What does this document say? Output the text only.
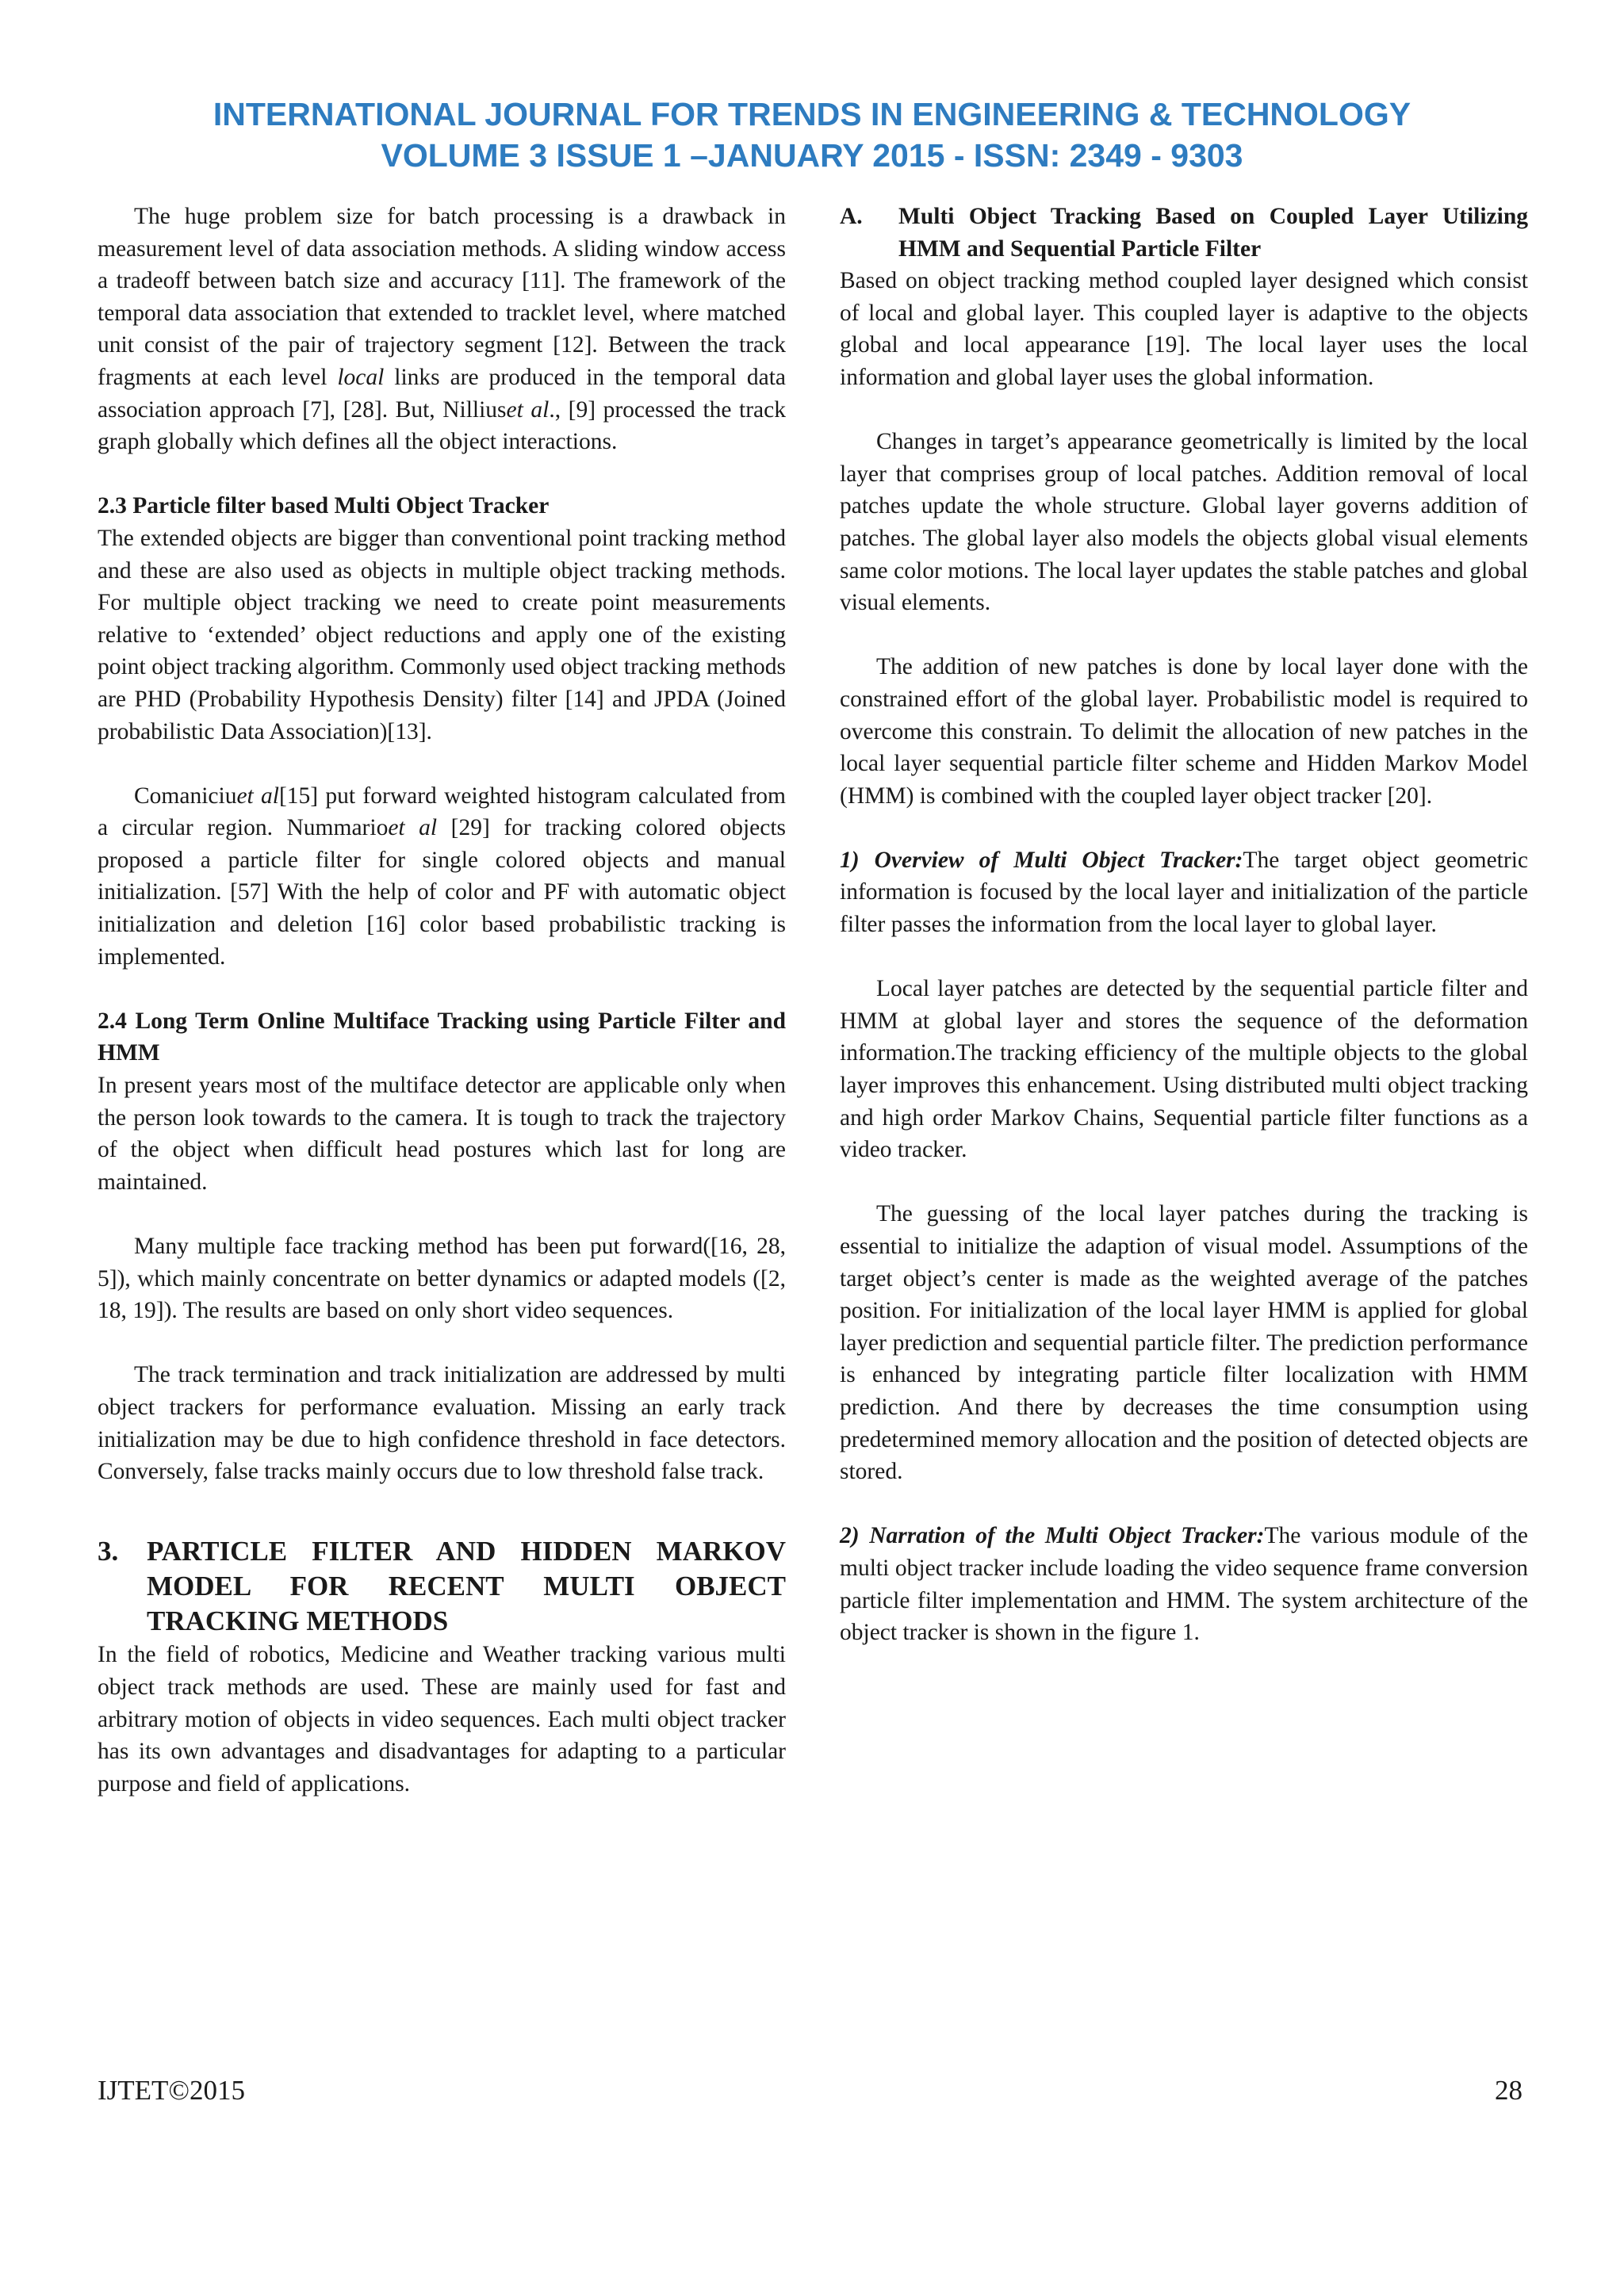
INTERNATIONAL JOURNAL FOR TRENDS IN ENGINEERING & TECHNOLOGY
VOLUME 3 ISSUE 1 –JANUARY 2015 - ISSN: 2349 - 9303

The huge problem size for batch processing is a drawback in measurement level of data association methods. A sliding window access a tradeoff between batch size and accuracy [11]. The framework of the temporal data association that extended to tracklet level, where matched unit consist of the pair of trajectory segment [12]. Between the track fragments at each level local links are produced in the temporal data association approach [7], [28]. But, Nilliuset al., [9] processed the track graph globally which defines all the object interactions.

2.3 Particle filter based Multi Object Tracker

The extended objects are bigger than conventional point tracking method and these are also used as objects in multiple object tracking methods. For multiple object tracking we need to create point measurements relative to ‘extended’ object reductions and apply one of the existing point object tracking algorithm. Commonly used object tracking methods are PHD (Probability Hypothesis Density) filter [14] and JPDA (Joined probabilistic Data Association)[13].

Comaniciuet al[15] put forward weighted histogram calculated from a circular region. Nummarioet al [29] for tracking colored objects proposed a particle filter for single colored objects and manual initialization. [57] With the help of color and PF with automatic object initialization and deletion [16] color based probabilistic tracking is implemented.

2.4 Long Term Online Multiface Tracking using Particle Filter and HMM

In present years most of the multiface detector are applicable only when the person look towards to the camera. It is tough to track the trajectory of the object when difficult head postures which last for long are maintained.

Many multiple face tracking method has been put forward([16, 28, 5]), which mainly concentrate on better dynamics or adapted models ([2, 18, 19]). The results are based on only short video sequences.

The track termination and track initialization are addressed by multi object trackers for performance evaluation. Missing an early track initialization may be due to high confidence threshold in face detectors. Conversely, false tracks mainly occurs due to low threshold false track.

3.	PARTICLE FILTER AND HIDDEN MARKOV MODEL FOR RECENT MULTI OBJECT TRACKING METHODS

In the field of robotics, Medicine and Weather tracking various multi object track methods are used. These are mainly used for fast and arbitrary motion of objects in video sequences. Each multi object tracker has its own advantages and disadvantages for adapting to a particular purpose and field of applications.

A.	Multi Object Tracking Based on Coupled Layer Utilizing HMM and Sequential Particle Filter

Based on object tracking method coupled layer designed which consist of local and global layer. This coupled layer is adaptive to the objects global and local appearance [19]. The local layer uses the local information and global layer uses the global information.

Changes in target’s appearance geometrically is limited by the local layer that comprises group of local patches. Addition removal of local patches update the whole structure. Global layer governs addition of patches. The global layer also models the objects global visual elements same color motions. The local layer updates the stable patches and global visual elements.

The addition of new patches is done by local layer done with the constrained effort of the global layer. Probabilistic model is required to overcome this constrain. To delimit the allocation of new patches in the local layer sequential particle filter scheme and Hidden Markov Model (HMM) is combined with the coupled layer object tracker [20].

1) Overview of Multi Object Tracker:The target object geometric information is focused by the local layer and initialization of the particle filter passes the information from the local layer to global layer.

Local layer patches are detected by the sequential particle filter and HMM at global layer and stores the sequence of the deformation information.The tracking efficiency of the multiple objects to the global layer improves this enhancement. Using distributed multi object tracking and high order Markov Chains, Sequential particle filter functions as a video tracker.

The guessing of the local layer patches during the tracking is essential to initialize the adaption of visual model. Assumptions of the target object’s center is made as the weighted average of the patches position. For initialization of the local layer HMM is applied for global layer prediction and sequential particle filter. The prediction performance is enhanced by integrating particle filter localization with HMM prediction. And there by decreases the time consumption using predetermined memory allocation and the position of detected objects are stored.

2) Narration of the Multi Object Tracker:The various module of the multi object tracker include loading the video sequence frame conversion particle filter implementation and HMM. The system architecture of the object tracker is shown in the figure 1.

IJTET©2015	28
